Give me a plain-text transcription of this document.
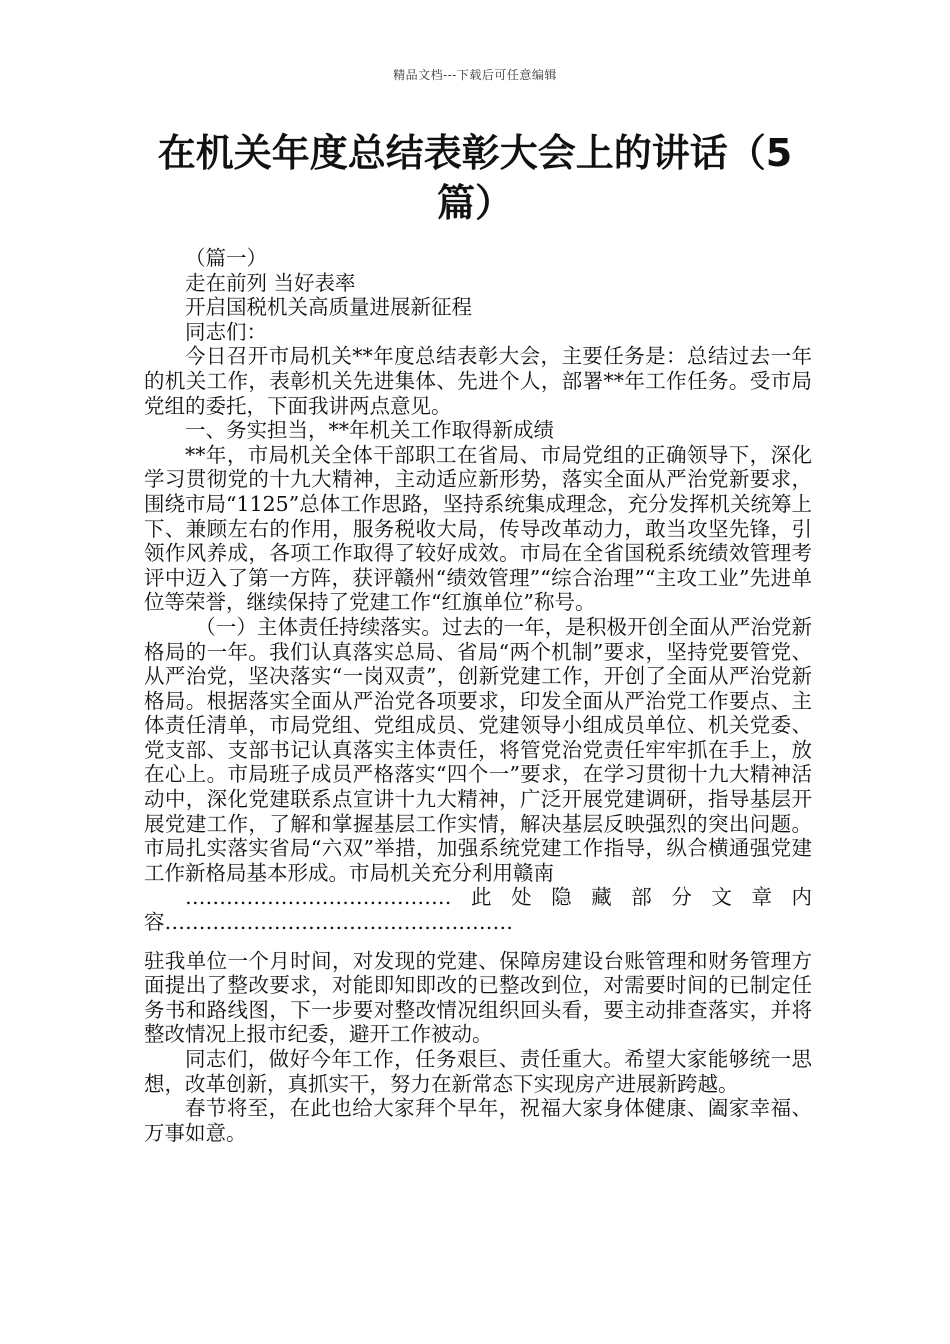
精品文档---下载后可任意编辑
在机关年度总结表彰大会上的讲话（5篇）

（篇一）

走在前列 当好表率

开启国税机关高质量进展新征程

同志们：

今日召开市局机关**年度总结表彰大会，主要任务是：总结过去一年的机关工作，表彰机关先进集体、先进个人，部署**年工作任务。受市局党组的委托，下面我讲两点意见。

一、务实担当，**年机关工作取得新成绩

**年，市局机关全体干部职工在省局、市局党组的正确领导下，深化学习贯彻党的十九大精神，主动适应新形势，落实全面从严治党新要求，围绕市局“1125”总体工作思路，坚持系统集成理念，充分发挥机关统筹上下、兼顾左右的作用，服务税收大局，传导改革动力，敢当攻坚先锋，引领作风养成，各项工作取得了较好成效。市局在全省国税系统绩效管理考评中迈入了第一方阵，获评赣州“绩效管理”“综合治理”“主攻工业”先进单位等荣誉，继续保持了党建工作“红旗单位”称号。

（一）主体责任持续落实。过去的一年，是积极开创全面从严治党新格局的一年。我们认真落实总局、省局“两个机制”要求，坚持党要管党、从严治党，坚决落实“一岗双责”，创新党建工作，开创了全面从严治党新格局。根据落实全面从严治党各项要求，印发全面从严治党工作要点、主体责任清单，市局党组、党组成员、党建领导小组成员单位、机关党委、党支部、支部书记认真落实主体责任，将管党治党责任牢牢抓在手上，放在心上。市局班子成员严格落实“四个一”要求，在学习贯彻十九大精神活动中，深化党建联系点宣讲十九大精神，广泛开展党建调研，指导基层开展党建工作，了解和掌握基层工作实情，解决基层反映强烈的突出问题。市局扎实落实省局“六双”举措，加强系统党建工作指导，纵合横通强党建工作新格局基本形成。市局机关充分利用赣南

…………………………………此处隐藏部分文章内容……………………………………………

驻我单位一个月时间，对发现的党建、保障房建设台账管理和财务管理方面提出了整改要求，对能即知即改的已整改到位，对需要时间的已制定任务书和路线图，下一步要对整改情况组织回头看，要主动排查落实，并将整改情况上报市纪委，避开工作被动。

同志们，做好今年工作，任务艰巨、责任重大。希望大家能够统一思想，改革创新，真抓实干，努力在新常态下实现房产进展新跨越。

春节将至，在此也给大家拜个早年，祝福大家身体健康、阖家幸福、万事如意。
